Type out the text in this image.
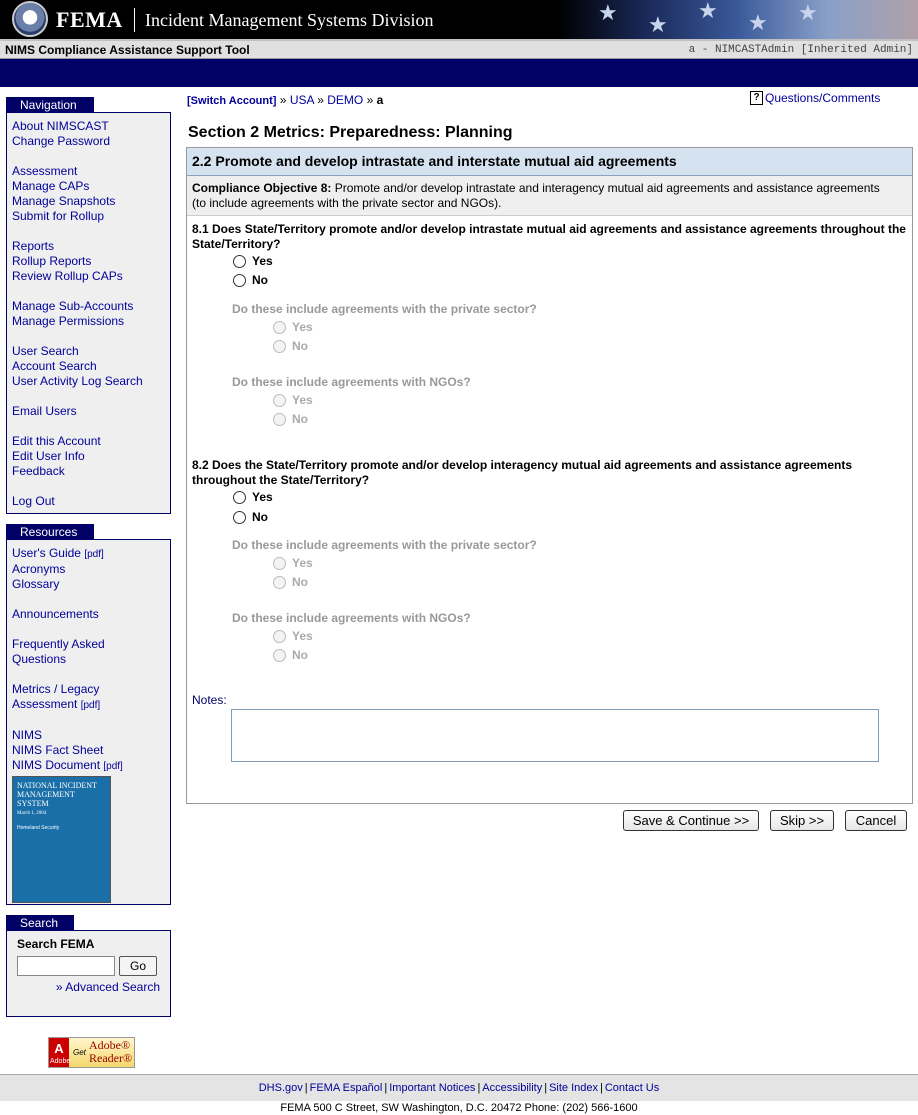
★ ★
★ ★ ★
FEMA Incident Management Systems Division
NIMS Compliance Assistance Support Tool	a - NIMCASTAdmin [Inherited Admin]
Navigation
About NIMSCAST
Change Password
Assessment
Manage CAPs
Manage Snapshots
Submit for Rollup
Reports
Rollup Reports
Review Rollup CAPs
Manage Sub-Accounts
Manage Permissions
User Search
Account Search
User Activity Log Search
Email Users
Edit this Account
Edit User Info
Feedback
Log Out
Resources
User's Guide [pdf]
Acronyms
Glossary
Announcements
Frequently Asked
Questions
Metrics / Legacy
Assessment [pdf]
NIMS
NIMS Fact Sheet
NIMS Document [pdf]
NATIONAL INCIDENT MANAGEMENT SYSTEM
March 1, 2004
Homeland Security
Search
Search FEMA
Go
» Advanced Search
A
Adobe
Get
Adobe®
Reader®
[Switch Account] » USA » DEMO » a	? Questions/Comments
Section 2 Metrics: Preparedness: Planning
2.2 Promote and develop intrastate and interstate mutual aid agreements
Compliance Objective 8: Promote and/or develop intrastate and interagency mutual aid agreements and assistance agreements
(to include agreements with the private sector and NGOs).
8.1 Does State/Territory promote and/or develop intrastate mutual aid agreements and assistance agreements throughout the
State/Territory?
Yes
No
Do these include agreements with the private sector?
Yes
No
Do these include agreements with NGOs?
Yes
No
8.2 Does the State/Territory promote and/or develop interagency mutual aid agreements and assistance agreements
throughout the State/Territory?
Yes
No
Do these include agreements with the private sector?
Yes
No
Do these include agreements with NGOs?
Yes
No
Notes:
Save & Continue >>	Skip >>	Cancel
DHS.gov | FEMA Español | Important Notices | Accessibility | Site Index | Contact Us
FEMA 500 C Street, SW Washington, D.C. 20472 Phone: (202) 566-1600
